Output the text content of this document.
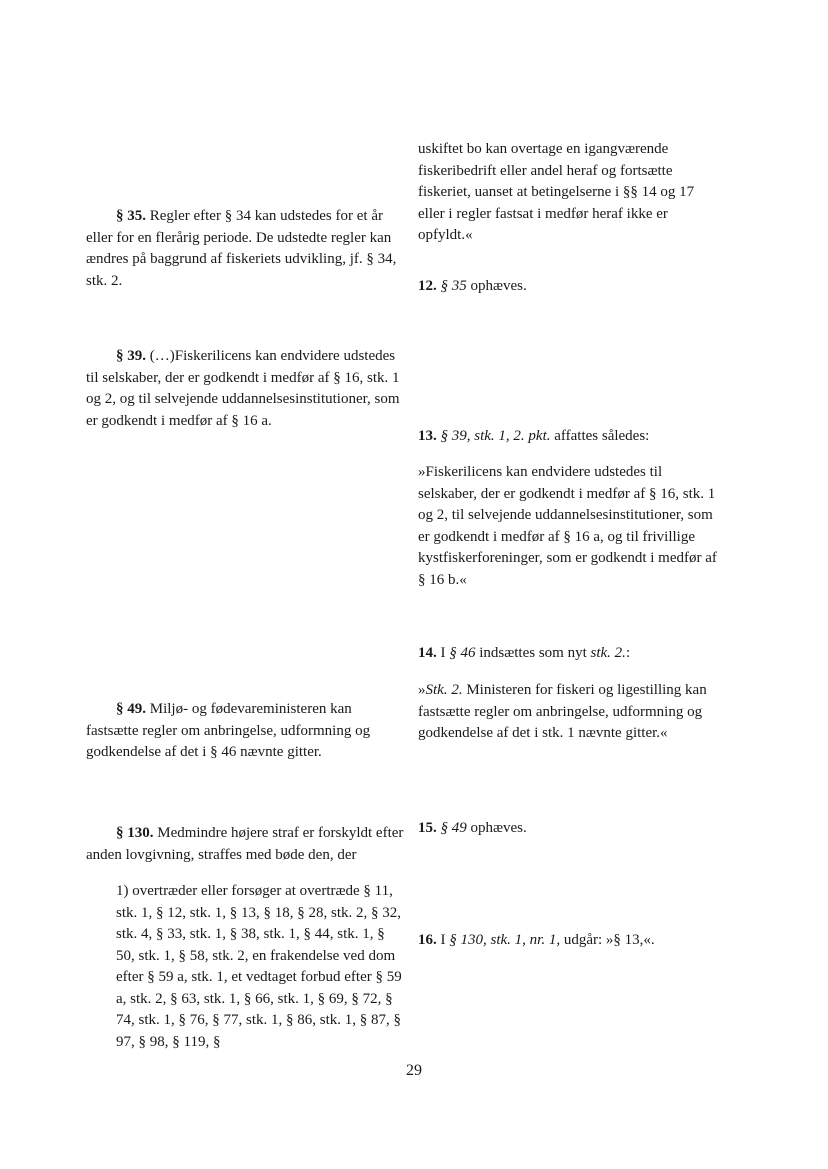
§ 35. Regler efter § 34 kan udstedes for et år eller for en flerårig periode. De udstedte regler kan ændres på baggrund af fiskeriets udvikling, jf. § 34, stk. 2.
§ 39. (…)Fiskerilicens kan endvidere udstedes til selskaber, der er godkendt i medfør af § 16, stk. 1 og 2, og til selvejende uddannelsesinstitutioner, som er godkendt i medfør af § 16 a.
§ 49. Miljø- og fødevareministeren kan fastsætte regler om anbringelse, udformning og godkendelse af det i § 46 nævnte gitter.
§ 130. Medmindre højere straf er forskyldt efter anden lovgivning, straffes med bøde den, der
1) overtræder eller forsøger at overtræde § 11, stk. 1, § 12, stk. 1, § 13, § 18, § 28, stk. 2, § 32, stk. 4, § 33, stk. 1, § 38, stk. 1, § 44, stk. 1, § 50, stk. 1, § 58, stk. 2, en frakendelse ved dom efter § 59 a, stk. 1, et vedtaget forbud efter § 59 a, stk. 2, § 63, stk. 1, § 66, stk. 1, § 69, § 72, § 74, stk. 1, § 76, § 77, stk. 1, § 86, stk. 1, § 87, § 97, § 98, § 119, §
uskiftet bo kan overtage en igangværende fiskeribedrift eller andel heraf og fortsætte fiskeriet, uanset at betingelserne i §§ 14 og 17 eller i regler fastsat i medfør heraf ikke er opfyldt.«
12. § 35 ophæves.
13. § 39, stk. 1, 2. pkt. affattes således:
»Fiskerilicens kan endvidere udstedes til selskaber, der er godkendt i medfør af § 16, stk. 1 og 2, til selvejende uddannelsesinstitutioner, som er godkendt i medfør af § 16 a, og til frivillige kystfiskerforeninger, som er godkendt i medfør af § 16 b.«
14. I § 46 indsættes som nyt stk. 2.:
»Stk. 2. Ministeren for fiskeri og ligestilling kan fastsætte regler om anbringelse, udformning og godkendelse af det i stk. 1 nævnte gitter.«
15. § 49 ophæves.
16. I § 130, stk. 1, nr. 1, udgår: »§ 13,«.
29
